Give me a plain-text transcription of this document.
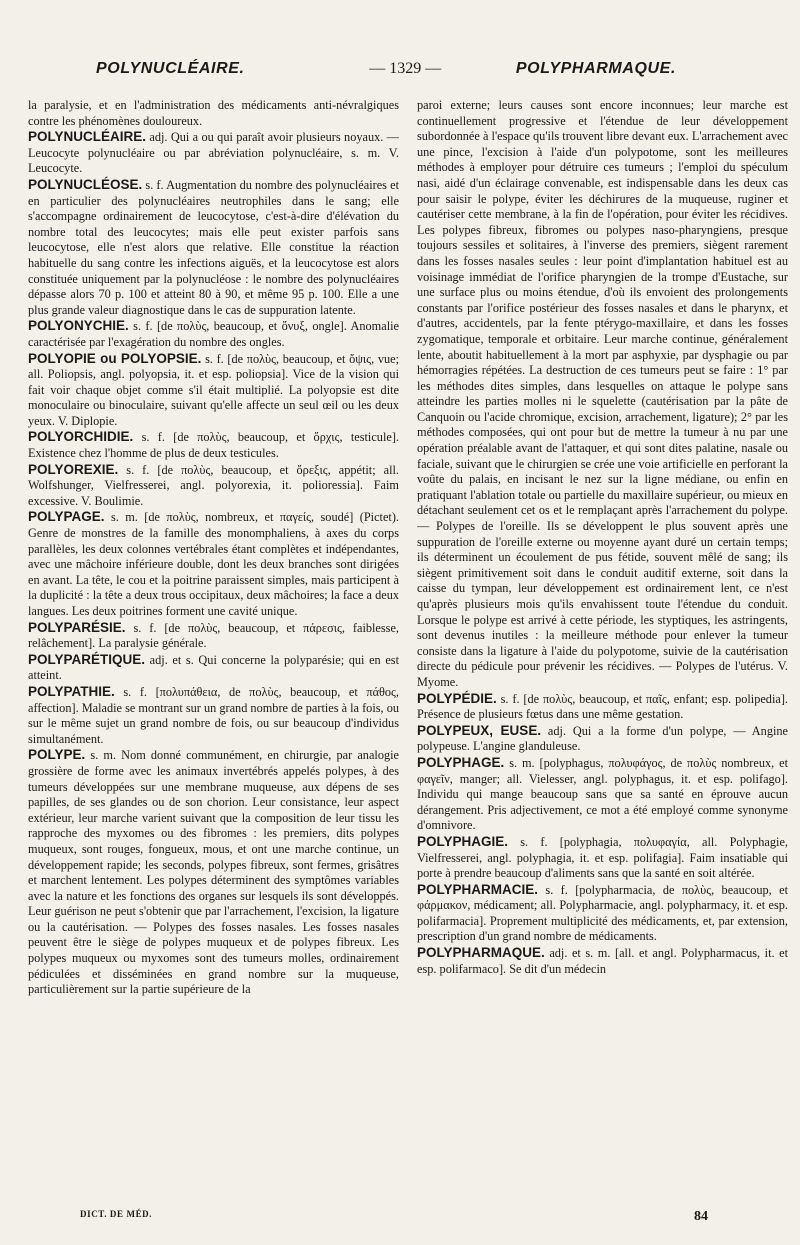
POLYNUCLÉAIRE.	— 1329 —	POLYPHARMAQUE.

la paralysie, et en l'administration des médicaments anti-névralgiques contre les phénomènes douloureux.

POLYNUCLÉAIRE. adj. Qui a ou qui paraît avoir plusieurs noyaux. — Leucocyte polynucléaire ou par abréviation polynucléaire, s. m. V. Leucocyte.

POLYNUCLÉOSE. s. f. Augmentation du nombre des polynucléaires et en particulier des polynucléaires neutrophiles dans le sang; elle s'accompagne ordinairement de leucocytose, c'est-à-dire d'élévation du nombre total des leucocytes; mais elle peut exister parfois sans leucocytose, elle n'est alors que relative. Elle constitue la réaction habituelle du sang contre les infections aiguës, et la leucocytose est alors constituée uniquement par la polynucléose : le nombre des polynucléaires dépasse alors 70 p. 100 et atteint 80 à 90, et même 95 p. 100. Elle a une plus grande valeur diagnostique dans le cas de suppuration latente.

POLYONYCHIE. s. f. [de πολὺς, beaucoup, et ὄνυξ, ongle]. Anomalie caractérisée par l'exagération du nombre des ongles.

POLYOPIE ou POLYOPSIE. s. f. [de πολὺς, beaucoup, et ὄψις, vue; all. Poliopsis, angl. polyopsia, it. et esp. poliopsia]. Vice de la vision qui fait voir chaque objet comme s'il était multiplié. La polyopsie est dite monoculaire ou binoculaire, suivant qu'elle affecte un seul œil ou les deux yeux. V. Diplopie.

POLYORCHIDIE. s. f. [de πολὺς, beaucoup, et ὄρχις, testicule]. Existence chez l'homme de plus de deux testicules.

POLYOREXIE. s. f. [de πολὺς, beaucoup, et ὄρεξις, appétit; all. Wolfshunger, Vielfresserei, angl. polyorexia, it. polioressia]. Faim excessive. V. Boulimie.

POLYPAGE. s. m. [de πολὺς, nombreux, et παγείς, soudé] (Pictet). Genre de monstres de la famille des monomphaliens, à axes du corps parallèles, les deux colonnes vertébrales étant complètes et indépendantes, avec une mâchoire inférieure double, dont les deux branches sont dirigées en avant. La tête, le cou et la poitrine paraissent simples, mais participent à la duplicité : la tête a deux trous occipitaux, deux mâchoires; la face a deux langues. Les deux poitrines forment une cavité unique.

POLYPARÉSIE. s. f. [de πολὺς, beaucoup, et πάρεσις, faiblesse, relâchement]. La paralysie générale.

POLYPARÉTIQUE. adj. et s. Qui concerne la polyparésie; qui en est atteint.

POLYPATHIE. s. f. [πολυπάθεια, de πολὺς, beaucoup, et πάθος, affection]. Maladie se montrant sur un grand nombre de parties à la fois, ou sur le même sujet un grand nombre de fois, ou sur beaucoup d'individus simultanément.

POLYPE. s. m. Nom donné communément, en chirurgie, par analogie grossière de forme avec les animaux invertébrés appelés polypes, à des tumeurs développées sur une membrane muqueuse, aux dépens de ses papilles, de ses glandes ou de son chorion. Leur consistance, leur aspect extérieur, leur marche varient suivant que la composition de leur tissu les rapproche des myxomes ou des fibromes : les premiers, dits polypes muqueux, sont rouges, fongueux, mous, et ont une marche continue, un développement rapide; les seconds, polypes fibreux, sont fermes, grisâtres et marchent lentement. Les polypes déterminent des symptômes variables avec la nature et les fonctions des organes sur lesquels ils sont développés. Leur guérison ne peut s'obtenir que par l'arrachement, l'excision, la ligature ou la cautérisation. — Polypes des fosses nasales. Les fosses nasales peuvent être le siège de polypes muqueux et de polypes fibreux. Les polypes muqueux ou myxomes sont des tumeurs molles, ordinairement pédiculées et disséminées en grand nombre sur la muqueuse, particulièrement sur la partie supérieure de la

paroi externe; leurs causes sont encore inconnues; leur marche est continuellement progressive et l'étendue de leur développement subordonnée à l'espace qu'ils trouvent libre devant eux. L'arrachement avec une pince, l'excision à l'aide d'un polypotome, sont les meilleures méthodes à employer pour détruire ces tumeurs ; l'emploi du spéculum nasi, aidé d'un éclairage convenable, est indispensable dans les deux cas pour saisir le polype, éviter les déchirures de la muqueuse, ruginer et cautériser cette membrane, à la fin de l'opération, pour éviter les récidives. Les polypes fibreux, fibromes ou polypes naso-pharyngiens, presque toujours sessiles et solitaires, à l'inverse des premiers, siègent rarement dans les fosses nasales seules : leur point d'implantation habituel est au voisinage immédiat de l'orifice pharyngien de la trompe d'Eustache, sur une surface plus ou moins étendue, d'où ils envoient des prolongements constants par l'orifice postérieur des fosses nasales et dans le pharynx, et d'autres, accidentels, par la fente ptérygo-maxillaire, et dans les fosses zygomatique, temporale et orbitaire. Leur marche continue, généralement lente, aboutit habituellement à la mort par asphyxie, par dysphagie ou par hémorragies répétées. La destruction de ces tumeurs peut se faire : 1° par les méthodes dites simples, dans lesquelles on attaque le polype sans atteindre les parties molles ni le squelette (cautérisation par la pâte de Canquoin ou l'acide chromique, excision, arrachement, ligature); 2° par les méthodes composées, qui ont pour but de mettre la tumeur à nu par une opération préalable avant de l'attaquer, et qui sont dites palatine, nasale ou faciale, suivant que le chirurgien se crée une voie artificielle en perforant la voûte du palais, en incisant le nez sur la ligne médiane, ou enfin en pratiquant l'ablation totale ou partielle du maxillaire supérieur, ou mieux en détachant seulement cet os et le remplaçant après l'arrachement du polype. — Polypes de l'oreille. Ils se développent le plus souvent après une suppuration de l'oreille externe ou moyenne ayant duré un certain temps; ils déterminent un écoulement de pus fétide, souvent mêlé de sang; ils siègent primitivement soit dans le conduit auditif externe, soit dans la caisse du tympan, leur développement est ordinairement lent, ce n'est qu'après plusieurs mois qu'ils envahissent toute l'étendue du conduit. Lorsque le polype est arrivé à cette période, les styptiques, les astringents, sont devenus inutiles : la meilleure méthode pour enlever la tumeur consiste dans la ligature à l'aide du polypotome, suivie de la cautérisation directe du pédicule pour prévenir les récidives. — Polypes de l'utérus. V. Myome.

POLYPÉDIE. s. f. [de πολὺς, beaucoup, et παῖς, enfant; esp. polipedia]. Présence de plusieurs fœtus dans une même gestation.

POLYPEUX, EUSE. adj. Qui a la forme d'un polype, — Angine polypeuse. L'angine glanduleuse.

POLYPHAGE. s. m. [polyphagus, πολυφάγος, de πολὺς nombreux, et φαγεῖν, manger; all. Vielesser, angl. polyphagus, it. et esp. polifago]. Individu qui mange beaucoup sans que sa santé en éprouve aucun dérangement. Pris adjectivement, ce mot a été employé comme synonyme d'omnivore.

POLYPHAGIE. s. f. [polyphagia, πολυφαγία, all. Polyphagie, Vielfresserei, angl. polyphagia, it. et esp. polifagia]. Faim insatiable qui porte à prendre beaucoup d'aliments sans que la santé en soit altérée.

POLYPHARMACIE. s. f. [polypharmacia, de πολὺς, beaucoup, et φάρμακον, médicament; all. Polypharmacie, angl. polypharmacy, it. et esp. polifarmacia]. Proprement multiplicité des médicaments, et, par extension, prescription d'un grand nombre de médicaments.

POLYPHARMAQUE. adj. et s. m. [all. et angl. Polypharmacus, it. et esp. polifarmaco]. Se dit d'un médecin

DICT. DE MÉD.	84
